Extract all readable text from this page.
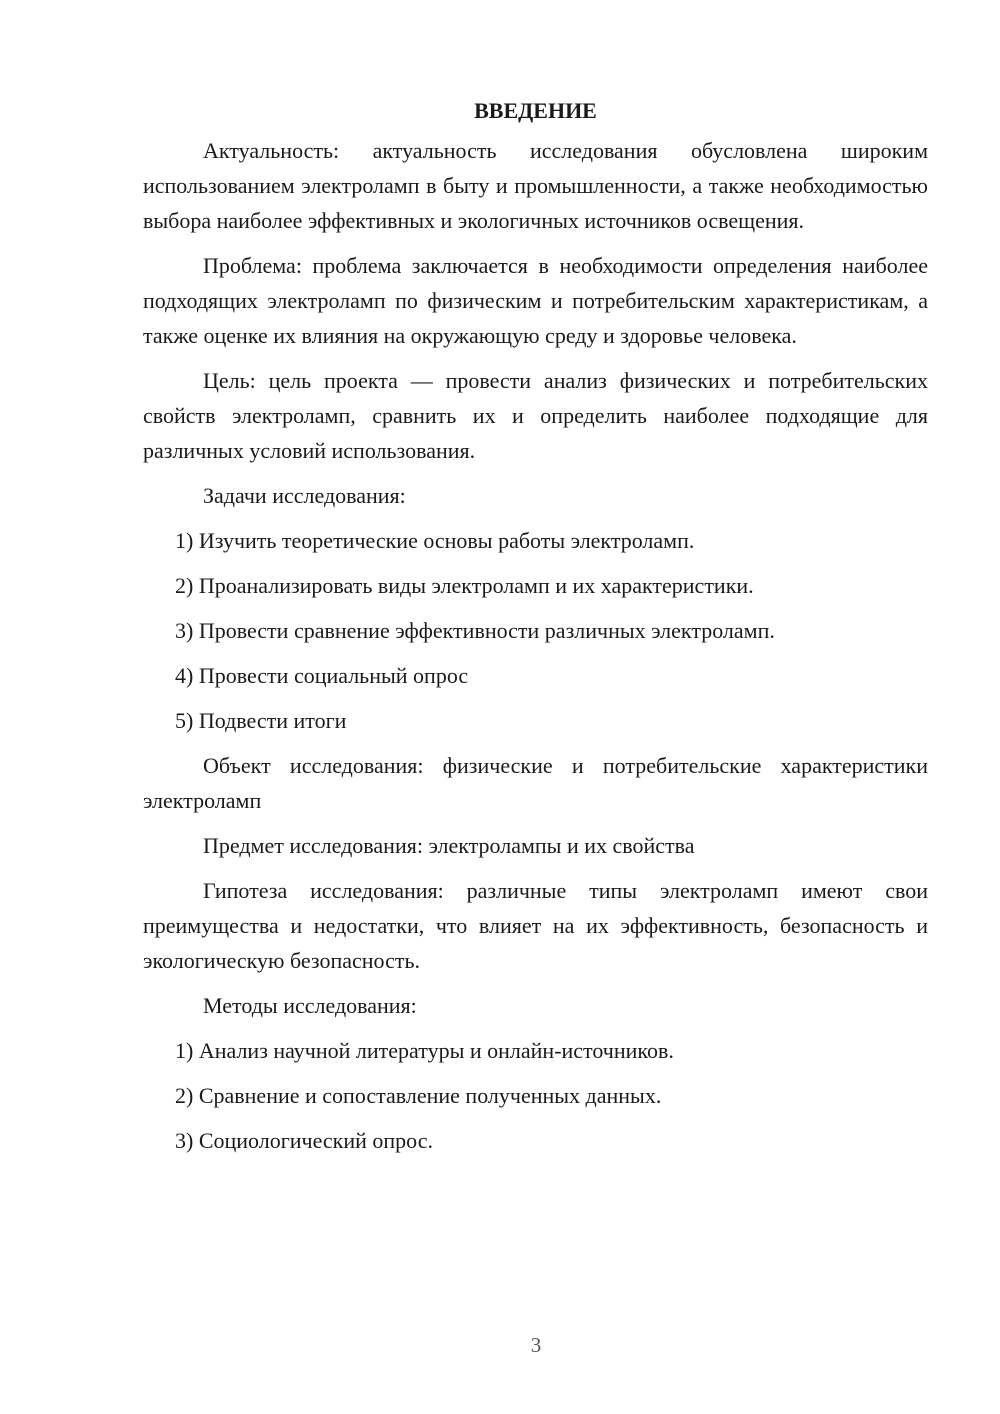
ВВЕДЕНИЕ

Актуальность: актуальность исследования обусловлена широким использованием электроламп в быту и промышленности, а также необходимостью выбора наиболее эффективных и экологичных источников освещения.

Проблема: проблема заключается в необходимости определения наиболее подходящих электроламп по физическим и потребительским характеристикам, а также оценке их влияния на окружающую среду и здоровье человека.

Цель: цель проекта — провести анализ физических и потребительских свойств электроламп, сравнить их и определить наиболее подходящие для различных условий использования.

Задачи исследования:

1) Изучить теоретические основы работы электроламп.

2) Проанализировать виды электроламп и их характеристики.

3) Провести сравнение эффективности различных электроламп.

4) Провести социальный опрос

5) Подвести итоги

Объект исследования: физические и потребительские характеристики электроламп

Предмет исследования: электролампы и их свойства

Гипотеза исследования: различные типы электроламп имеют свои преимущества и недостатки, что влияет на их эффективность, безопасность и экологическую безопасность.

Методы исследования:

1) Анализ научной литературы и онлайн-источников.

2) Сравнение и сопоставление полученных данных.

3) Социологический опрос.

3
